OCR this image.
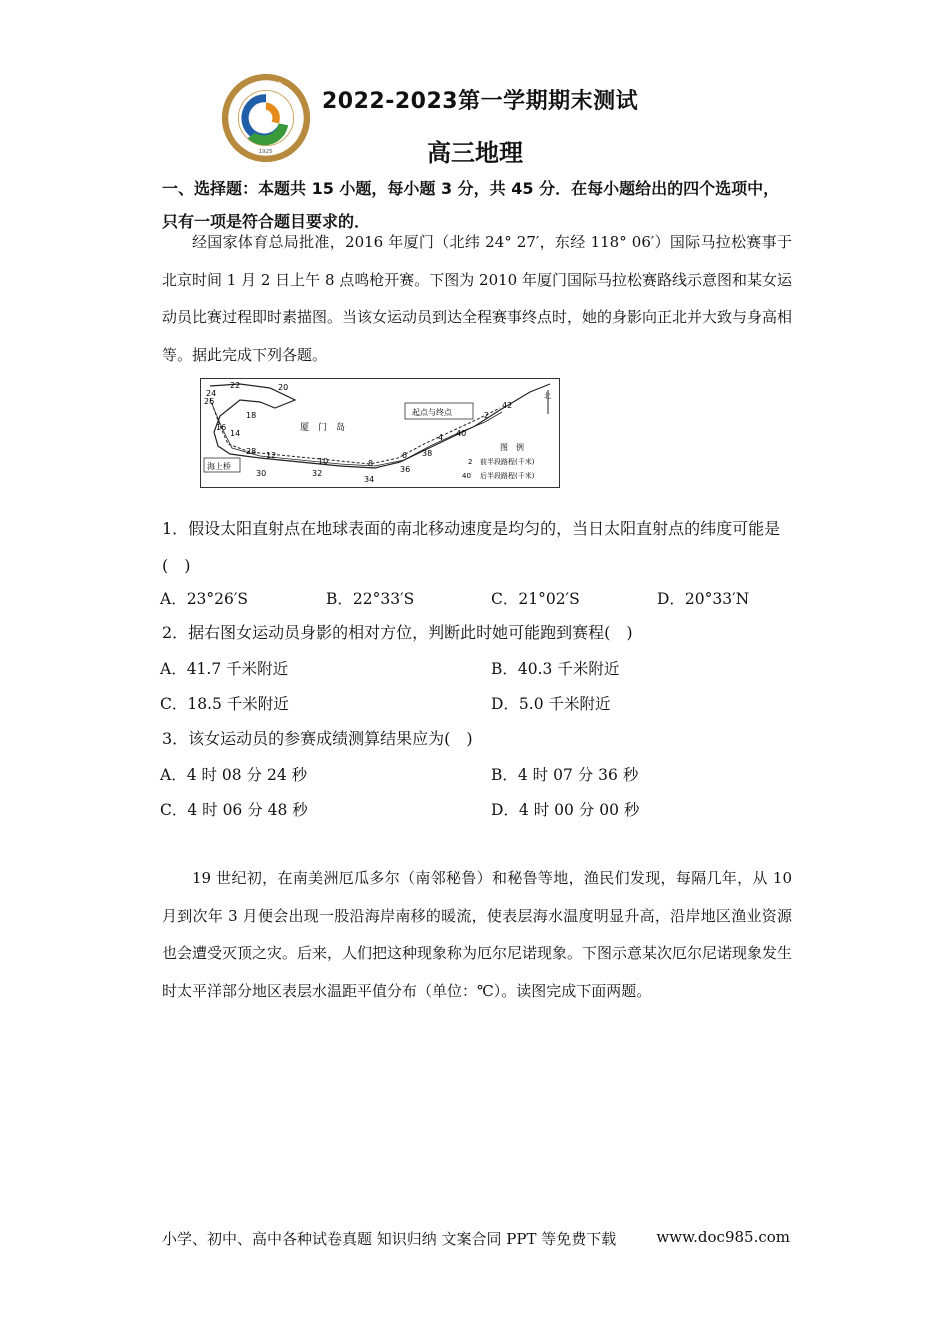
青岛二中
1925
2022-2023第一学期期末测试
高三地理
一、选择题：本题共 15 小题，每小题 3 分，共 45 分．在每小题给出的四个选项中，只有一项是符合题目要求的．
经国家体育总局批准，2016 年厦门（北纬 24° 27′，东经 118° 06′）国际马拉松赛事于北京时间 1 月 2 日上午 8 点鸣枪开赛。下图为 2010 年厦门国际马拉松赛路线示意图和某女运动员比赛过程即时素描图。当该女运动员到达全程赛事终点时，她的身影向正北并大致与身高相等。据此完成下列各题。
起点与终点
海上桥
厦　门　岛
北
图　例
2 前半段路程(千米)
40 后半段路程(千米)
22	20
24
18
26
16
14
28 12
30
10
32
8
34
6
36
38
4 40
2
42
1．假设太阳直射点在地球表面的南北移动速度是均匀的，当日太阳直射点的纬度可能是(　)
A．23°26′S	B．22°33′S	C．21°02′S	D．20°33′N
2．据右图女运动员身影的相对方位，判断此时她可能跑到赛程(　)
A．41.7 千米附近	B．40.3 千米附近
C．18.5 千米附近	D．5.0 千米附近
3．该女运动员的参赛成绩测算结果应为(　)
A．4 时 08 分 24 秒	B．4 时 07 分 36 秒
C．4 时 06 分 48 秒	D．4 时 00 分 00 秒
19 世纪初，在南美洲厄瓜多尔（南邻秘鲁）和秘鲁等地，渔民们发现，每隔几年，从 10 月到次年 3 月便会出现一股沿海岸南移的暖流，使表层海水温度明显升高，沿岸地区渔业资源也会遭受灭顶之灾。后来，人们把这种现象称为厄尔尼诺现象。下图示意某次厄尔尼诺现象发生时太平洋部分地区表层水温距平值分布（单位：℃）。读图完成下面两题。
小学、初中、高中各种试卷真题 知识归纳 文案合同 PPT 等免费下载	www.doc985.com
